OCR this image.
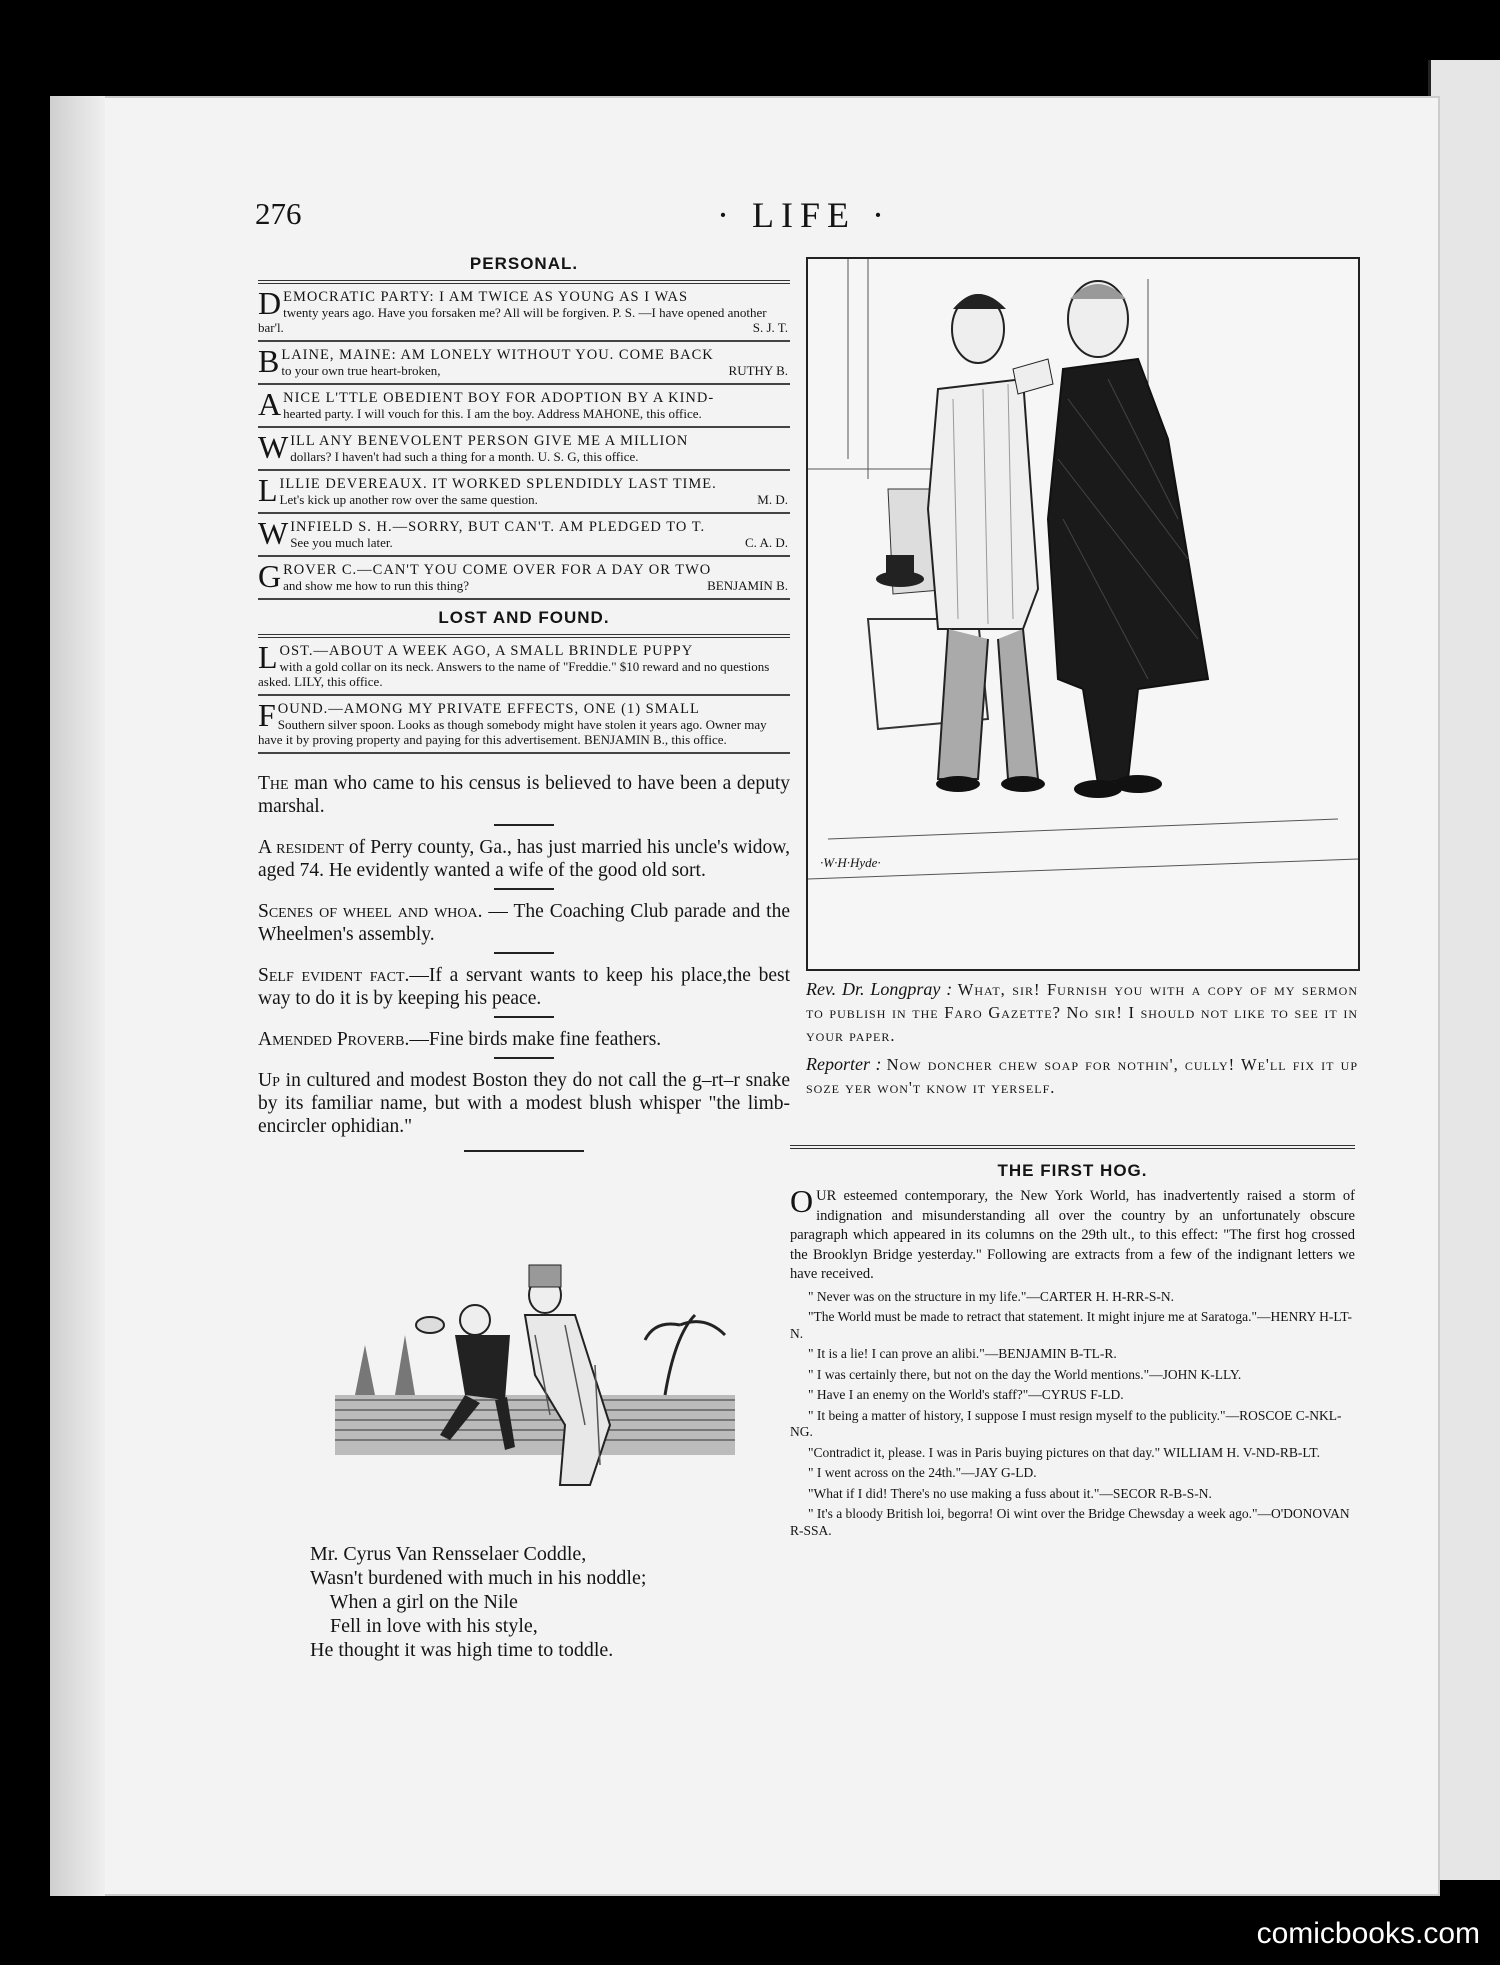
276	· LIFE ·
PERSONAL.
DEMOCRATIC PARTY: I AM TWICE AS YOUNG AS I WAS
twenty years ago. Have you forsaken me? All will be forgiven. P. S. —I have opened another bar'l.	S. J. T.
BLAINE, MAINE: AM LONELY WITHOUT YOU. COME BACK
to your own true heart-broken,	RUTHY B.
A NICE L'TTLE OBEDIENT BOY FOR ADOPTION BY A KIND-
hearted party. I will vouch for this. I am the boy. Address MAHONE, this office.
WILL ANY BENEVOLENT PERSON GIVE ME A MILLION
dollars? I haven't had such a thing for a month. U. S. G, this office.
LILLIE DEVEREAUX. IT WORKED SPLENDIDLY LAST TIME.
Let's kick up another row over the same question.	M. D.
WINFIELD S. H.—SORRY, BUT CAN'T. AM PLEDGED TO T.
See you much later.	C. A. D.
GROVER C.—CAN'T YOU COME OVER FOR A DAY OR TWO
and show me how to run this thing?	BENJAMIN B.
LOST AND FOUND.
LOST.—ABOUT A WEEK AGO, A SMALL BRINDLE PUPPY
with a gold collar on its neck. Answers to the name of "Freddie." $10 reward and no questions asked. LILY, this office.
FOUND.—AMONG MY PRIVATE EFFECTS, ONE (1) SMALL
Southern silver spoon. Looks as though somebody might have stolen it years ago. Owner may have it by proving property and paying for this advertisement. BENJAMIN B., this office.

The man who came to his census is believed to have been a deputy marshal.

A resident of Perry county, Ga., has just married his uncle's widow, aged 74. He evidently wanted a wife of the good old sort.

Scenes of wheel and whoa. — The Coaching Club parade and the Wheelmen's assembly.

Self evident fact.—If a servant wants to keep his place,the best way to do it is by keeping his peace.

Amended Proverb.—Fine birds make fine feathers.

Up in cultured and modest Boston they do not call the g–rt–r snake by its familiar name, but with a modest blush whisper "the limb-encircler ophidian."

Mr. Cyrus Van Rensselaer Coddle,
Wasn't burdened with much in his noddle;
When a girl on the Nile
Fell in love with his style,
He thought it was high time to toddle.
·W·H·Hyde·

Rev. Dr. Longpray : What, sir! Furnish you with a copy of my sermon to publish in the Faro Gazette? No sir! I should not like to see it in your paper.

Reporter : Now doncher chew soap for nothin', cully! We'll fix it up soze yer won't know it yerself.

THE FIRST HOG.
O UR esteemed contemporary, the New York World, has inadvertently raised a storm of indignation and misunderstanding all over the country by an unfortunately obscure paragraph which appeared in its columns on the 29th ult., to this effect: "The first hog crossed the Brooklyn Bridge yesterday." Following are extracts from a few of the indignant letters we have received.
" Never was on the structure in my life."—CARTER H. H-RR-S-N.
"The World must be made to retract that statement. It might injure me at Saratoga."—HENRY H-LT-N.
" It is a lie! I can prove an alibi."—BENJAMIN B-TL-R.
" I was certainly there, but not on the day the World mentions."—JOHN K-LLY.
" Have I an enemy on the World's staff?"—CYRUS F-LD.
" It being a matter of history, I suppose I must resign myself to the publicity."—ROSCOE C-NKL-NG.
"Contradict it, please. I was in Paris buying pictures on that day." WILLIAM H. V-ND-RB-LT.
" I went across on the 24th."—JAY G-LD.
"What if I did! There's no use making a fuss about it."—SECOR R-B-S-N.
" It's a bloody British loi, begorra! Oi wint over the Bridge Chewsday a week ago."—O'DONOVAN R-SSA.
comicbooks.com
